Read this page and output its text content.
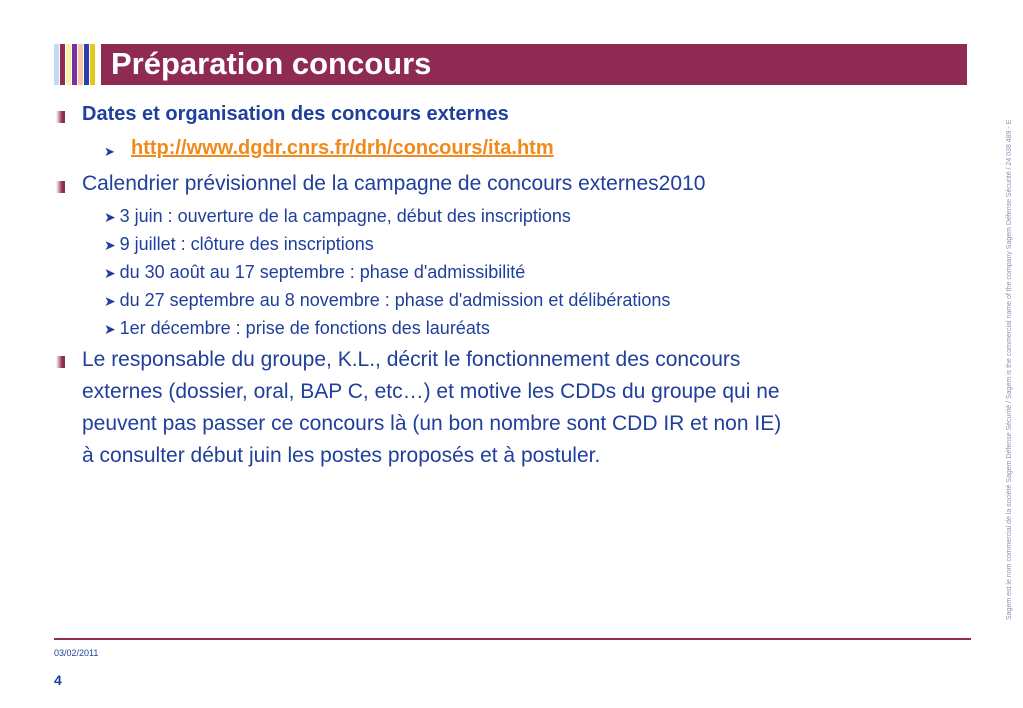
Préparation concours
Dates et organisation des concours externes
➤ http://www.dgdr.cnrs.fr/drh/concours/ita.htm
Calendrier prévisionnel de la campagne de concours externes2010
➤ 3 juin : ouverture de la campagne, début des inscriptions
➤ 9 juillet : clôture des inscriptions
➤ du 30 août au 17 septembre : phase d'admissibilité
➤ du 27 septembre au 8 novembre : phase d'admission et délibérations
➤ 1er décembre : prise de fonctions des lauréats
Le responsable du groupe, K.L., décrit le fonctionnement des concours
externes (dossier, oral, BAP C, etc…) et motive les CDDs du groupe qui ne
peuvent pas passer ce concours là (un bon nombre sont CDD IR et non IE)
à consulter début juin les postes proposés et à postuler.	Sagem est le nom commercial de la société Sagem Défense Sécurité / Sagem is the commercial name of the company Sagem Défense Sécurité / 24 038 489 - E
03/02/2011
4
